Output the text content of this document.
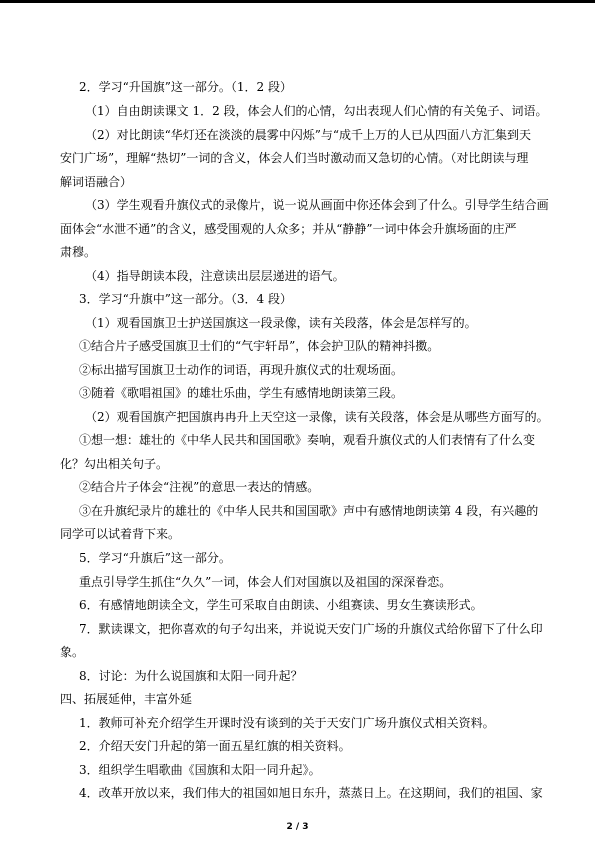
2．学习“升国旗”这一部分。（1．2 段）
（1）自由朗读课文 1．2 段，体会人们的心情，勾出表现人们心情的有关兔子、词语。
（2）对比朗读“华灯还在淡淡的晨雾中闪烁”与“成千上万的人已从四面八方汇集到天
安门广场”，理解“热切”一词的含义，体会人们当时激动而又急切的心情。（对比朗读与理
解词语融合）
（3）学生观看升旗仪式的录像片，说一说从画面中你还体会到了什么。引导学生结合画
面体会“水泄不通”的含义，感受围观的人众多；并从“静静”一词中体会升旗场面的庄严
肃穆。
（4）指导朗读本段，注意读出层层递进的语气。
3．学习“升旗中”这一部分。（3．4 段）
（1）观看国旗卫士护送国旗这一段录像，读有关段落，体会是怎样写的。
①结合片子感受国旗卫士们的“气宇轩昂”，体会护卫队的精神抖擞。
②标出描写国旗卫士动作的词语，再现升旗仪式的壮观场面。
③随着《歌唱祖国》的雄壮乐曲，学生有感情地朗读第三段。
（2）观看国旗产把国旗冉冉升上天空这一录像，读有关段落，体会是从哪些方面写的。
①想一想：雄壮的《中华人民共和国国歌》奏响，观看升旗仪式的人们表情有了什么变
化？勾出相关句子。
②结合片子体会“注视”的意思一表达的情感。
③在升旗纪录片的雄壮的《中华人民共和国国歌》声中有感情地朗读第 4 段，有兴趣的
同学可以试着背下来。
5．学习“升旗后”这一部分。
重点引导学生抓住“久久”一词，体会人们对国旗以及祖国的深深眷恋。
6．有感情地朗读全文，学生可采取自由朗读、小组赛读、男女生赛读形式。
7．默读课文，把你喜欢的句子勾出来，并说说天安门广场的升旗仪式给你留下了什么印
象。
8．讨论：为什么说国旗和太阳一同升起？
四、拓展延伸，丰富外延
1．教师可补充介绍学生开课时没有谈到的关于天安门广场升旗仪式相关资料。
2．介绍天安门升起的第一面五星红旗的相关资料。
3．组织学生唱歌曲《国旗和太阳一同升起》。
4．改革开放以来，我们伟大的祖国如旭日东升，蒸蒸日上。在这期间，我们的祖国、家
2 / 3
